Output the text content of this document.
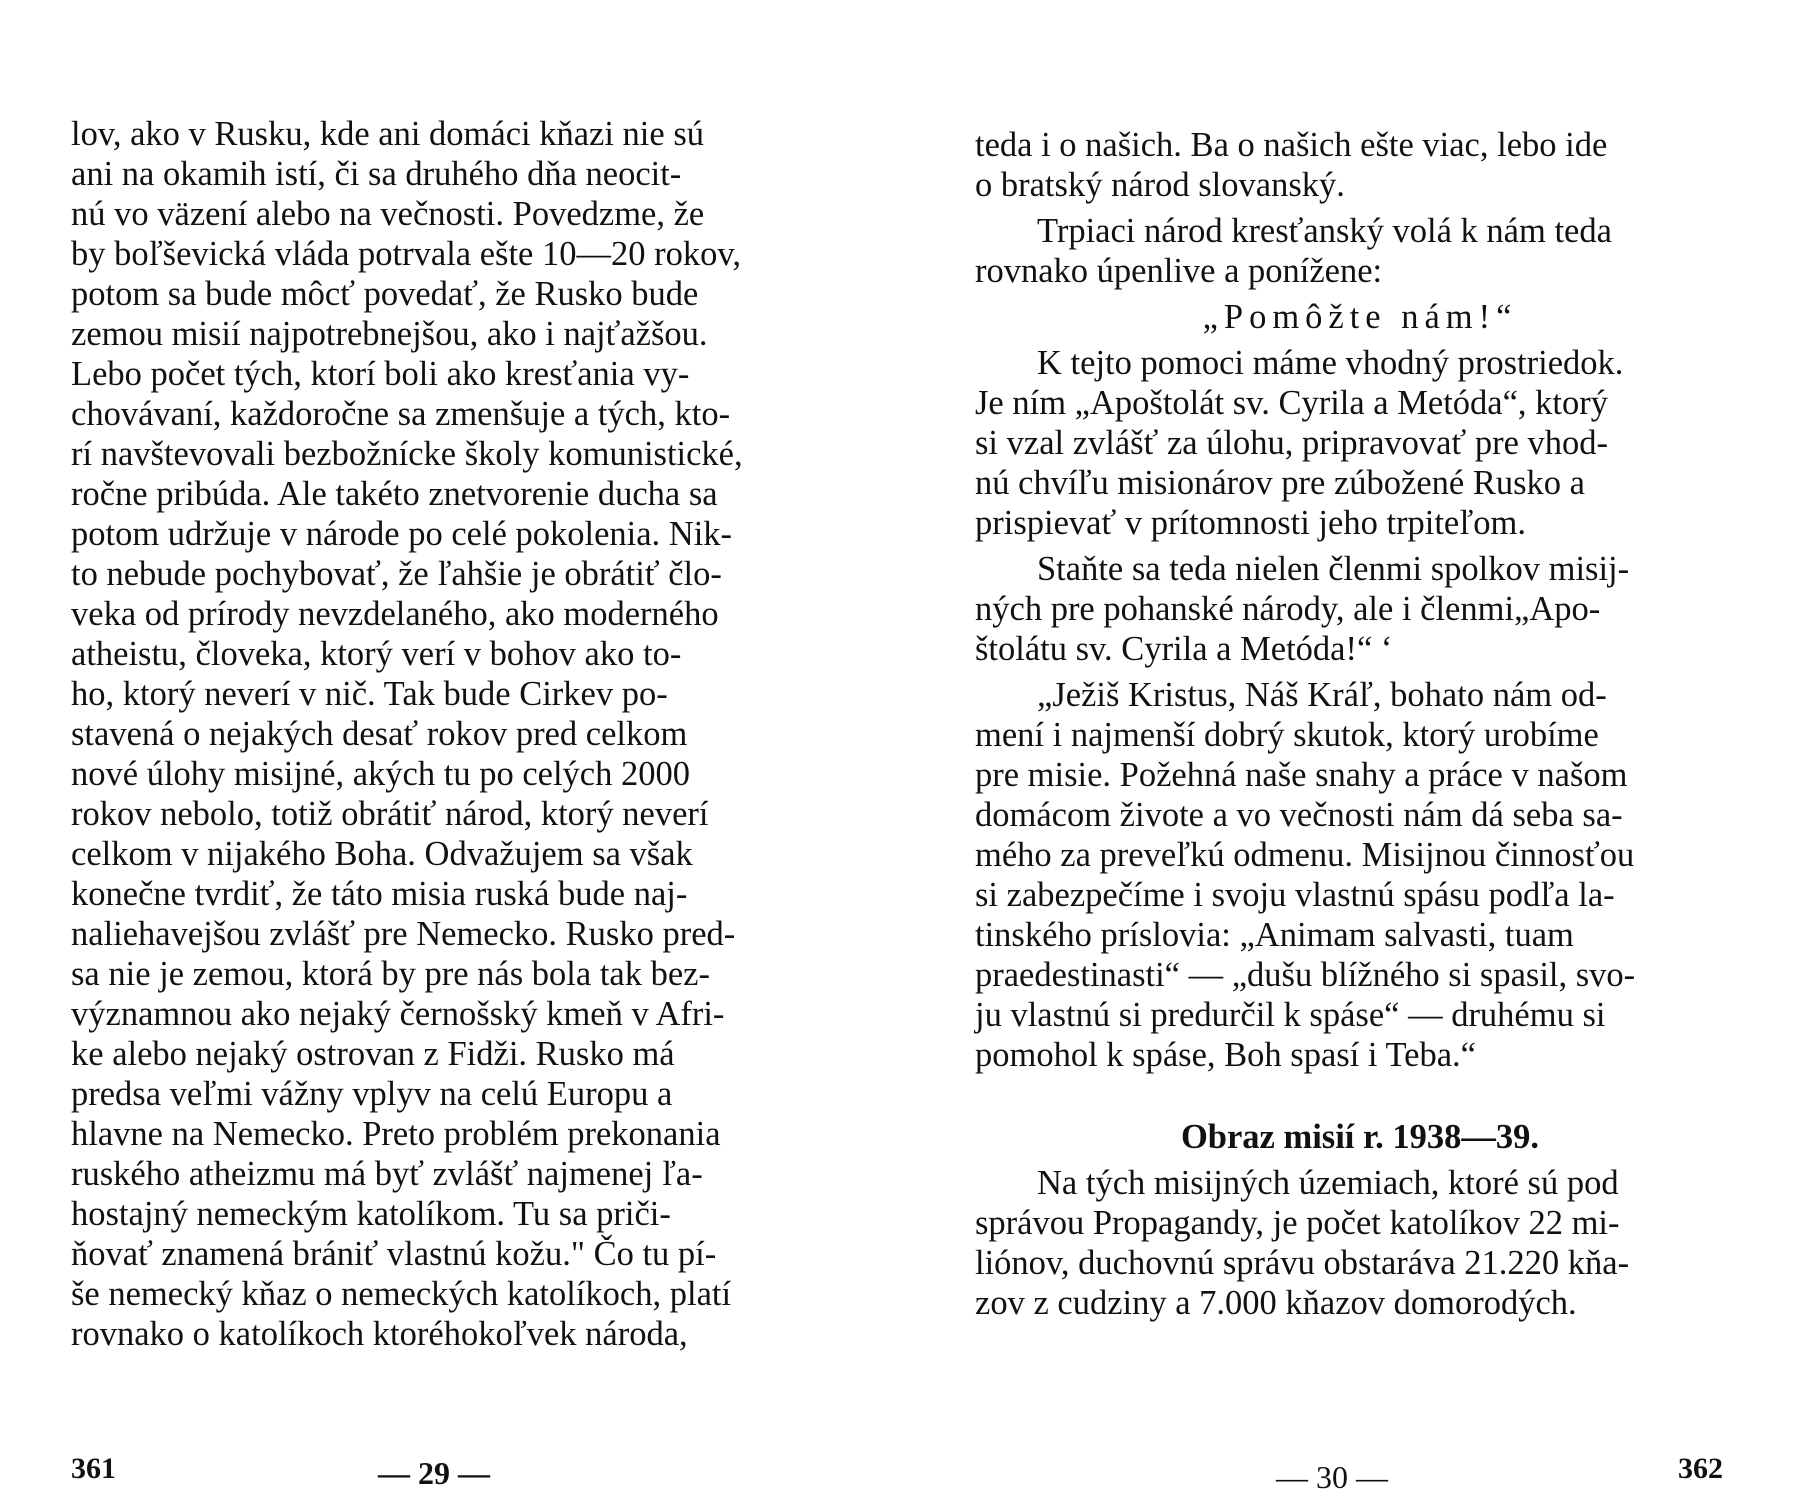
lov, ako v Rusku, kde ani domáci kňazi nie sú
ani na okamih istí, či sa druhého dňa neocit-
nú vo väzení alebo na večnosti. Povedzme, že
by boľševická vláda potrvala ešte 10—20 rokov,
potom sa bude môcť povedať, že Rusko bude
zemou misií najpotrebnejšou, ako i najťažšou.
Lebo počet tých, ktorí boli ako kresťania vy-
chovávaní, každoročne sa zmenšuje a tých, kto-
rí navštevovali bezbožnícke školy komunistické,
ročne pribúda. Ale takéto znetvorenie ducha sa
potom udržuje v národe po celé pokolenia. Nik-
to nebude pochybovať, že ľahšie je obrátiť člo-
veka od prírody nevzdelaného, ako moderného
atheistu, človeka, ktorý verí v bohov ako to-
ho, ktorý neverí v nič. Tak bude Cirkev po-
stavená o nejakých desať rokov pred celkom
nové úlohy misijné, akých tu po celých 2000
rokov nebolo, totiž obrátiť národ, ktorý neverí
celkom v nijakého Boha. Odvažujem sa však
konečne tvrdiť, že táto misia ruská bude naj-
naliehavejšou zvlášť pre Nemecko. Rusko pred-
sa nie je zemou, ktorá by pre nás bola tak bez-
významnou ako nejaký černošský kmeň v Afri-
ke alebo nejaký ostrovan z Fidži. Rusko má
predsa veľmi vážny vplyv na celú Europu a
hlavne na Nemecko. Preto problém prekonania
ruského atheizmu má byť zvlášť najmenej ľa-
hostajný nemeckým katolíkom. Tu sa priči-
ňovať znamená brániť vlastnú kožu." Čo tu pí-
še nemecký kňaz o nemeckých katolíkoch, platí
rovnako o katolíkoch ktoréhokoľvek národa,
361	— 29 —
teda i o našich. Ba o našich ešte viac, lebo ide
o bratský národ slovanský.
Trpiaci národ kresťanský volá k nám teda
rovnako úpenlive a ponížene:
„Pomôžte nám!“
K tejto pomoci máme vhodný prostriedok.
Je ním „Apoštolát sv. Cyrila a Metóda“, ktorý
si vzal zvlášť za úlohu, pripravovať pre vhod-
nú chvíľu misionárov pre zúbožené Rusko a
prispievať v prítomnosti jeho trpiteľom.
Staňte sa teda nielen členmi spolkov misij-
ných pre pohanské národy, ale i členmi„Apo-
štolátu sv. Cyrila a Metóda!“ ‘
„Ježiš Kristus, Náš Kráľ, bohato nám od-
mení i najmenší dobrý skutok, ktorý urobíme
pre misie. Požehná naše snahy a práce v našom
domácom živote a vo večnosti nám dá seba sa-
mého za preveľkú odmenu. Misijnou činnosťou
si zabezpečíme i svoju vlastnú spásu podľa la-
tinského príslovia: „Animam salvasti, tuam
praedestinasti“ — „dušu blížného si spasil, svo-
ju vlastnú si predurčil k spáse“ — druhému si
pomohol k spáse, Boh spasí i Teba.“
Obraz misií r. 1938—39.
Na tých misijných územiach, ktoré sú pod
správou Propagandy, je počet katolíkov 22 mi-
liónov, duchovnú správu obstaráva 21.220 kňa-
zov z cudziny a 7.000 kňazov domorodých.
— 30 —	362
